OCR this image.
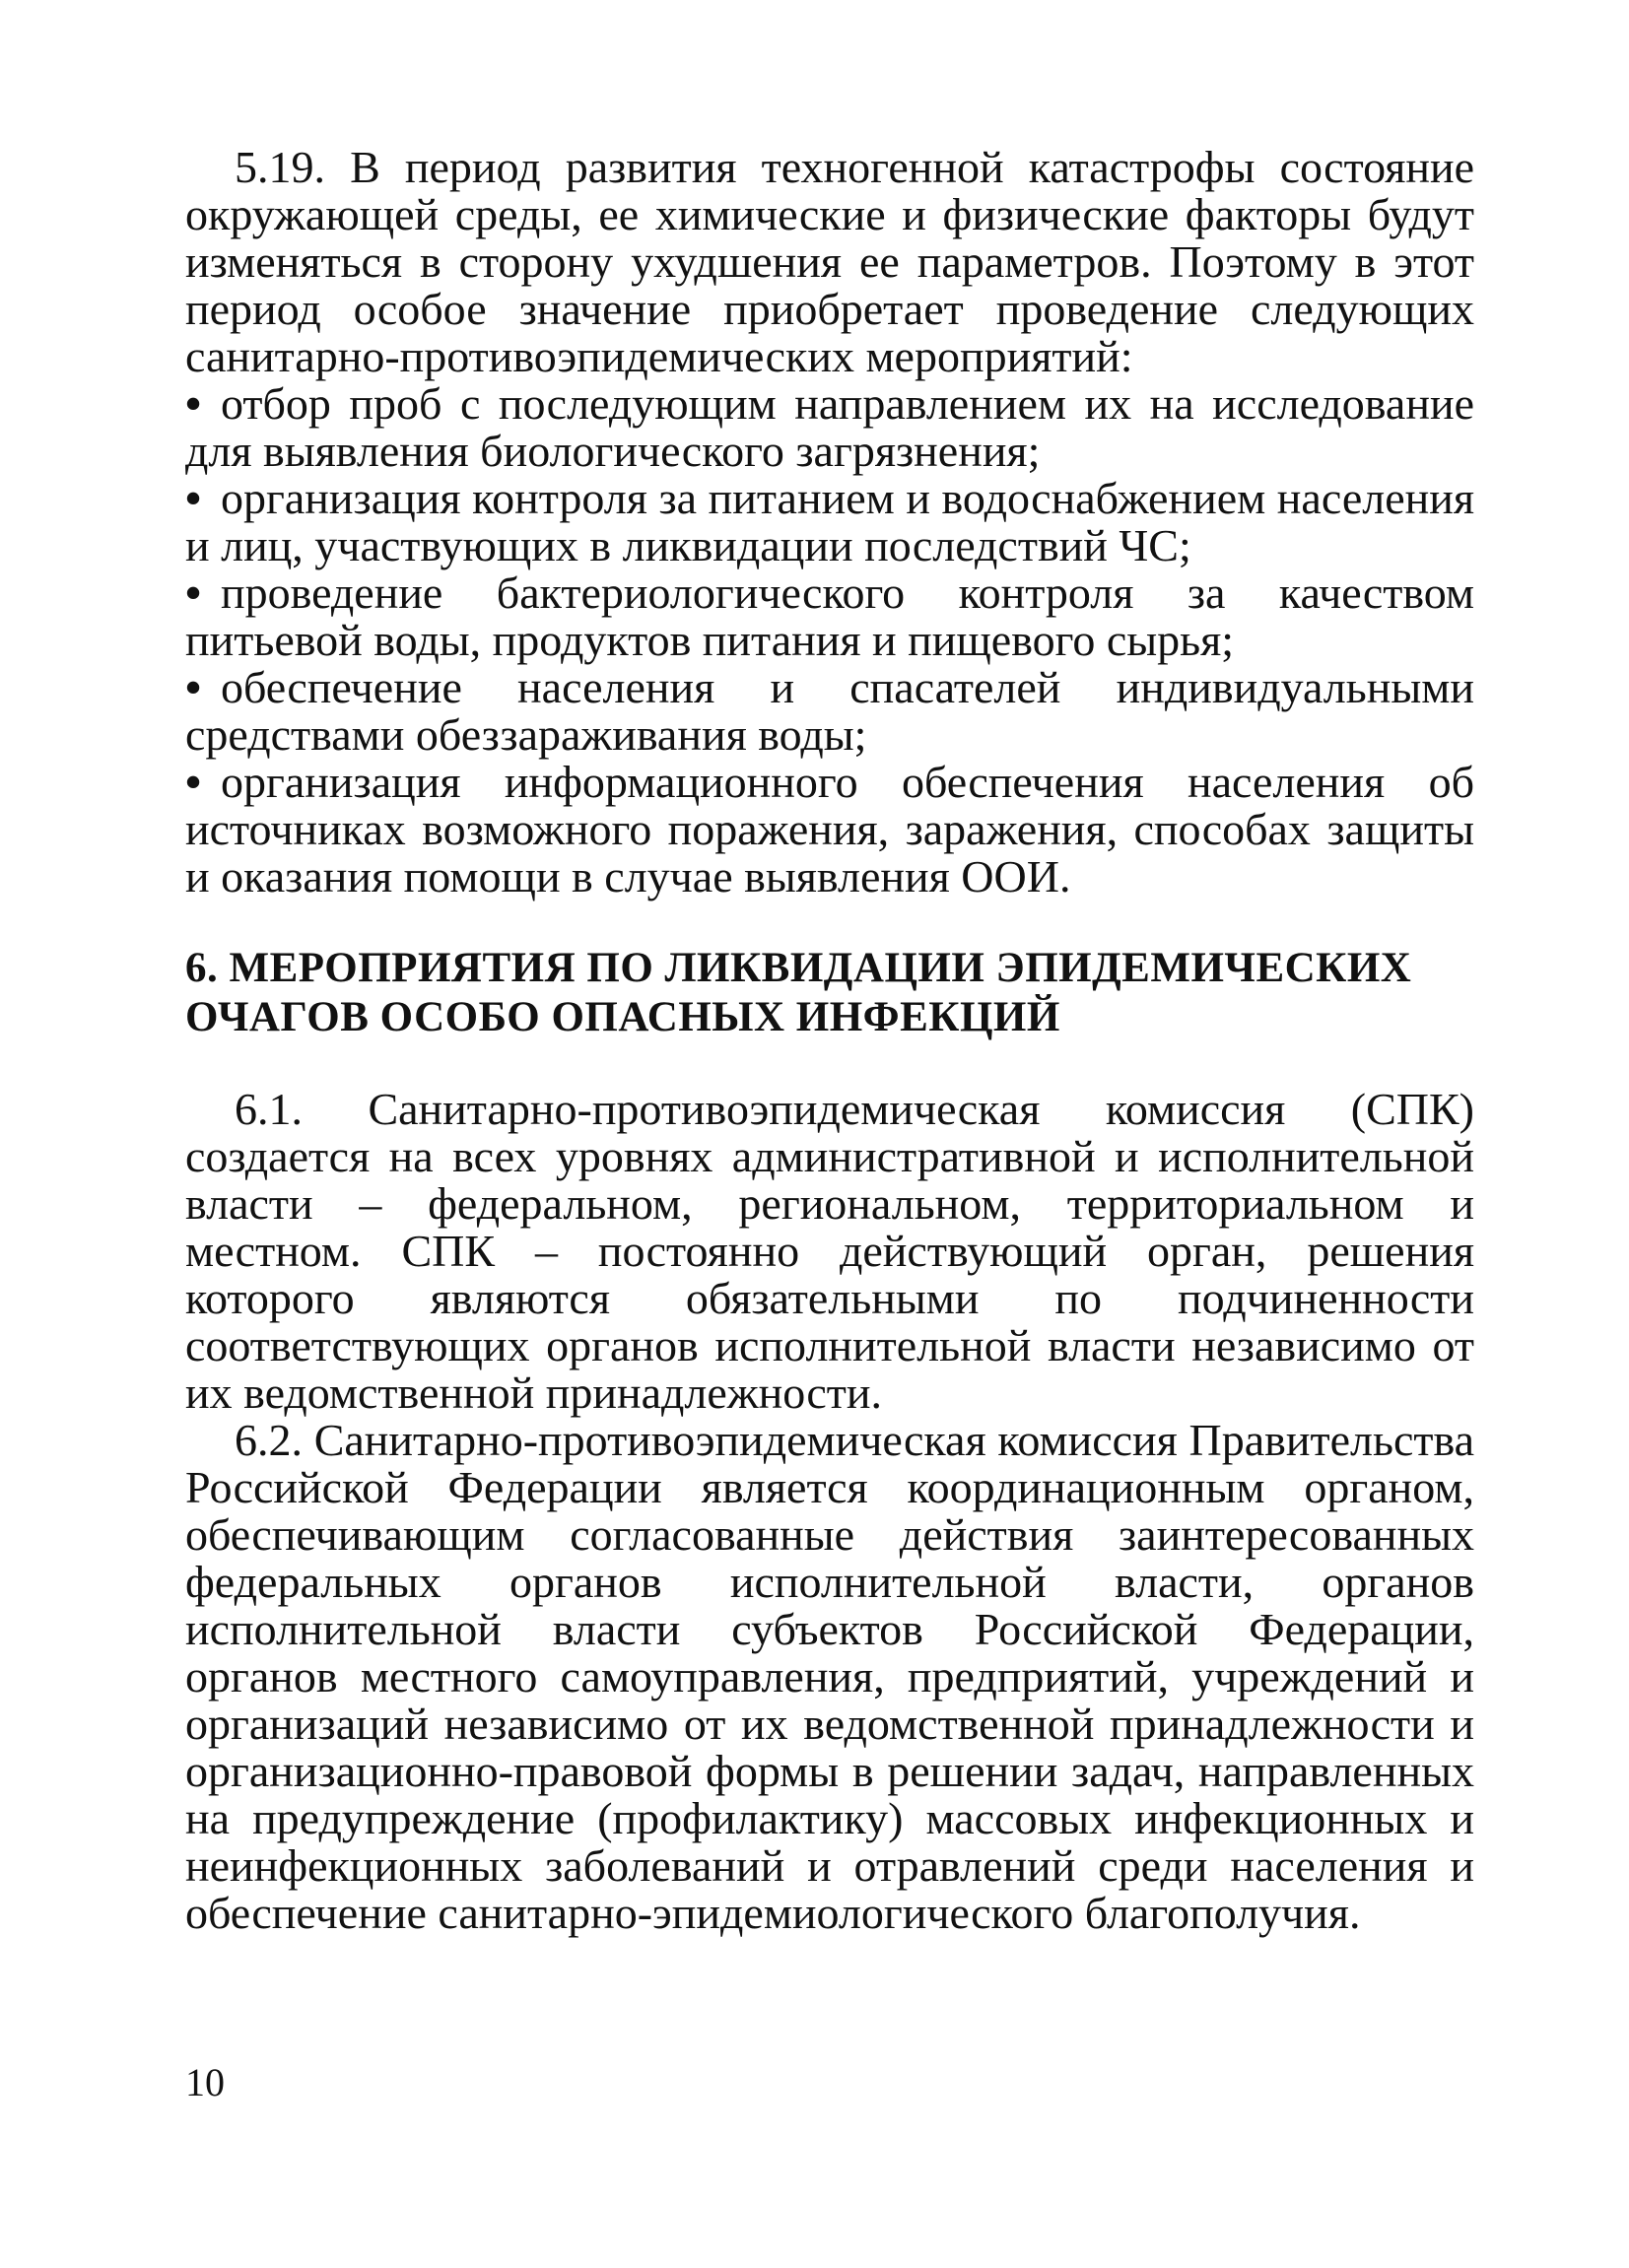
5.19. В период развития техногенной катастрофы состояние окружающей среды, ее химические и физические факторы будут изменяться в сторону ухудшения ее параметров. Поэтому в этот период особое значение приобретает проведение следующих санитарно-противоэпидемических мероприятий:

• отбор проб с последующим направлением их на исследование для выявления биологического загрязнения;
• организация контроля за питанием и водоснабжением населения и лиц, участвующих в ликвидации последствий ЧС;
• проведение бактериологического контроля за качеством питьевой воды, продуктов питания и пищевого сырья;
• обеспечение населения и спасателей индивидуальными средствами обеззараживания воды;
• организация информационного обеспечения населения об источниках возможного поражения, заражения, способах защиты и оказания помощи в случае выявления ООИ.
6. МЕРОПРИЯТИЯ ПО ЛИКВИДАЦИИ ЭПИДЕМИЧЕСКИХ
ОЧАГОВ ОСОБО ОПАСНЫХ ИНФЕКЦИЙ

6.1. Санитарно-противоэпидемическая комиссия (СПК) создается на всех уровнях административной и исполнительной власти – федеральном, региональном, территориальном и местном. СПК – постоянно действующий орган, решения которого являются обязательными по подчиненности соответствующих органов исполнительной власти независимо от их ведомственной принадлежности.

6.2. Санитарно-противоэпидемическая комиссия Правительства Российской Федерации является координационным органом, обеспечивающим согласованные действия заинтересованных федеральных органов исполнительной власти, органов исполнительной власти субъектов Российской Федерации, органов местного самоуправления, предприятий, учреждений и организаций независимо от их ведомственной принадлежности и организационно-правовой формы в решении задач, направленных на предупреждение (профилактику) массовых инфекционных и неинфекционных заболеваний и отравлений среди населения и обеспечение санитарно-эпидемиологического благополучия.

10
